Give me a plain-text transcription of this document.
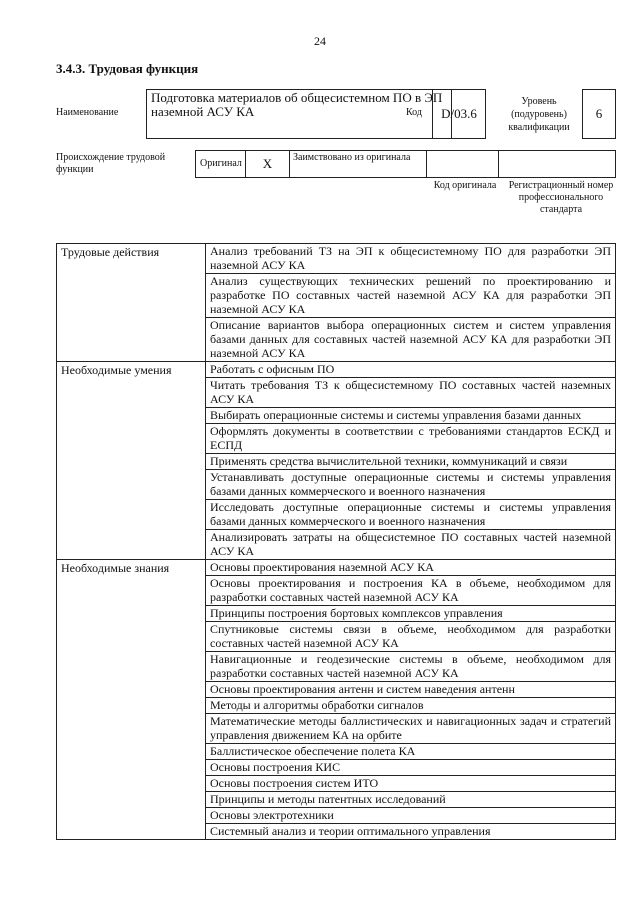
24
3.4.3. Трудовая функция
Наименование
Подготовка материалов об общесистемном ПО в ЭП наземной АСУ КА	Код	D/03.6
Уровень (подуровень) квалификации
6
Происхождение трудовой функции
Оригинал	X	Заимствовано из оригинала
Код оригинала	Регистрационный номер профессионального стандарта
Трудовые действия	Анализ требований ТЗ на ЭП к общесистемному ПО для разработки ЭП наземной АСУ КА
	Анализ существующих технических решений по проектированию и разработке ПО составных частей наземной АСУ КА для разработки ЭП наземной АСУ КА
	Описание вариантов выбора операционных систем и систем управления базами данных для составных частей наземной АСУ КА для разработки ЭП наземной АСУ КА
Необходимые умения	Работать с офисным ПО
	Читать требования ТЗ к общесистемному ПО составных частей наземных АСУ КА
	Выбирать операционные системы и системы управления базами данных
	Оформлять документы в соответствии с требованиями стандартов ЕСКД и ЕСПД
	Применять средства вычислительной техники, коммуникаций и связи
	Устанавливать доступные операционные системы и системы управления базами данных коммерческого и военного назначения
	Исследовать доступные операционные системы и системы управления базами данных коммерческого и военного назначения
	Анализировать затраты на общесистемное ПО составных частей наземной АСУ КА
Необходимые знания	Основы проектирования наземной АСУ КА
	Основы проектирования и построения КА в объеме, необходимом для разработки составных частей наземной АСУ КА
	Принципы построения бортовых комплексов управления
	Спутниковые системы связи в объеме, необходимом для разработки составных частей наземной АСУ КА
	Навигационные и геодезические системы в объеме, необходимом для разработки составных частей наземной АСУ КА
	Основы проектирования антенн и систем наведения антенн
	Методы и алгоритмы обработки сигналов
	Математические методы баллистических и навигационных задач и стратегий управления движением КА на орбите
	Баллистическое обеспечение полета КА
	Основы построения КИС
	Основы построения систем ИТО
	Принципы и методы патентных исследований
	Основы электротехники
	Системный анализ и теории оптимального управления
